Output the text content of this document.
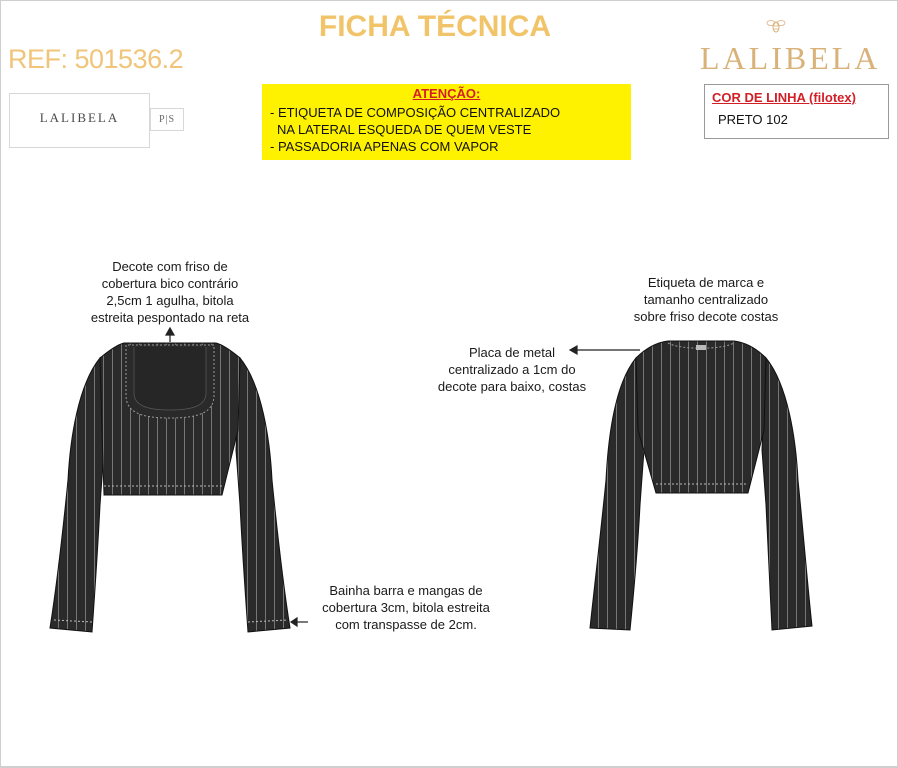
FICHA TÉCNICA
REF: 501536.2	LALIBELA
LALIBELA	P|S
ATENÇÃO:
- ETIQUETA DE COMPOSIÇÃO CENTRALIZADO
NA LATERAL ESQUEDA DE QUEM VESTE
- PASSADORIA APENAS COM VAPOR
COR DE LINHA (filotex)
PRETO 102
Decote com friso de
cobertura bico contrário
2,5cm 1 agulha, bitola
estreita pespontado na reta
Bainha barra e mangas de
cobertura 3cm, bitola estreita
com transpasse de 2cm.
Etiqueta de marca e
tamanho centralizado
sobre friso decote costas
Placa de metal
centralizado a 1cm do
decote para baixo, costas
